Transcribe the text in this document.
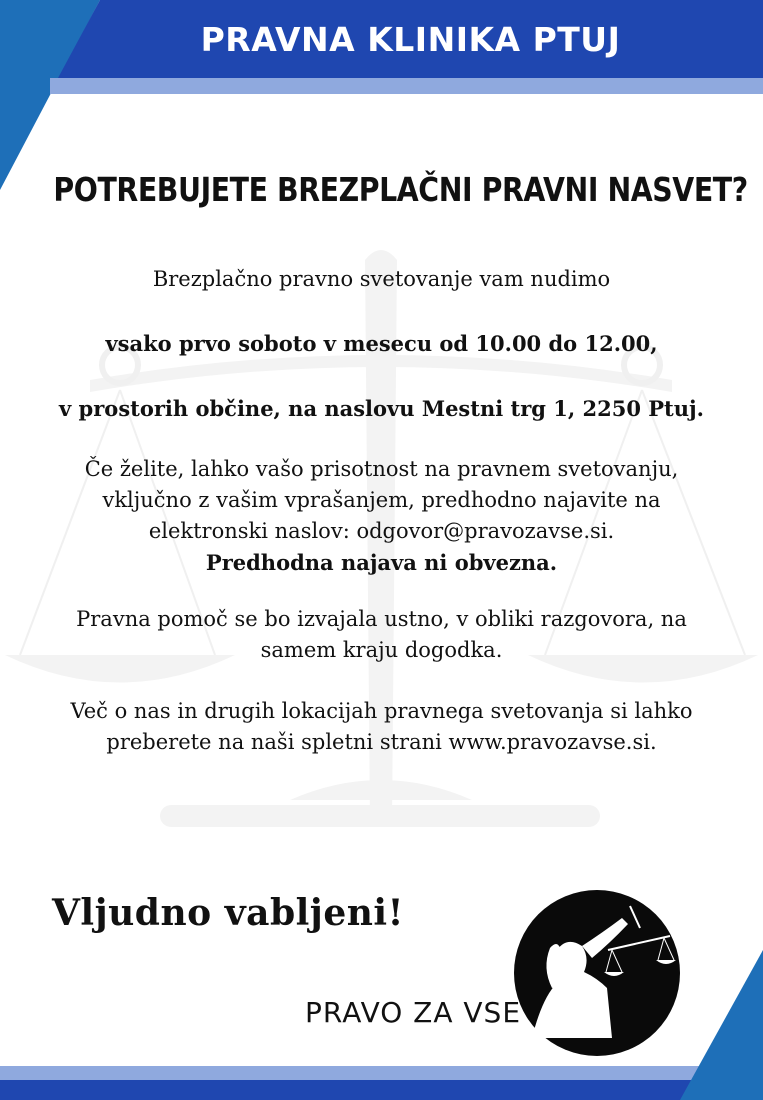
PRAVNA KLINIKA PTUJ
POTREBUJETE BREZPLAČNI PRAVNI NASVET?
Brezplačno pravno svetovanje vam nudimo
vsako prvo soboto v mesecu od 10.00 do 12.00,
v prostorih občine, na naslovu Mestni trg 1, 2250 Ptuj.
Če želite, lahko vašo prisotnost na pravnem svetovanju,
vključno z vašim vprašanjem, predhodno najavite na
elektronski naslov: odgovor@pravozavse.si.
Predhodna najava ni obvezna.
Pravna pomoč se bo izvajala ustno, v obliki razgovora, na
samem kraju dogodka.
Več o nas in drugih lokacijah pravnega svetovanja si lahko
preberete na naši spletni strani www.pravozavse.si.
Vljudno vabljeni!
PRAVO ZA VSE
